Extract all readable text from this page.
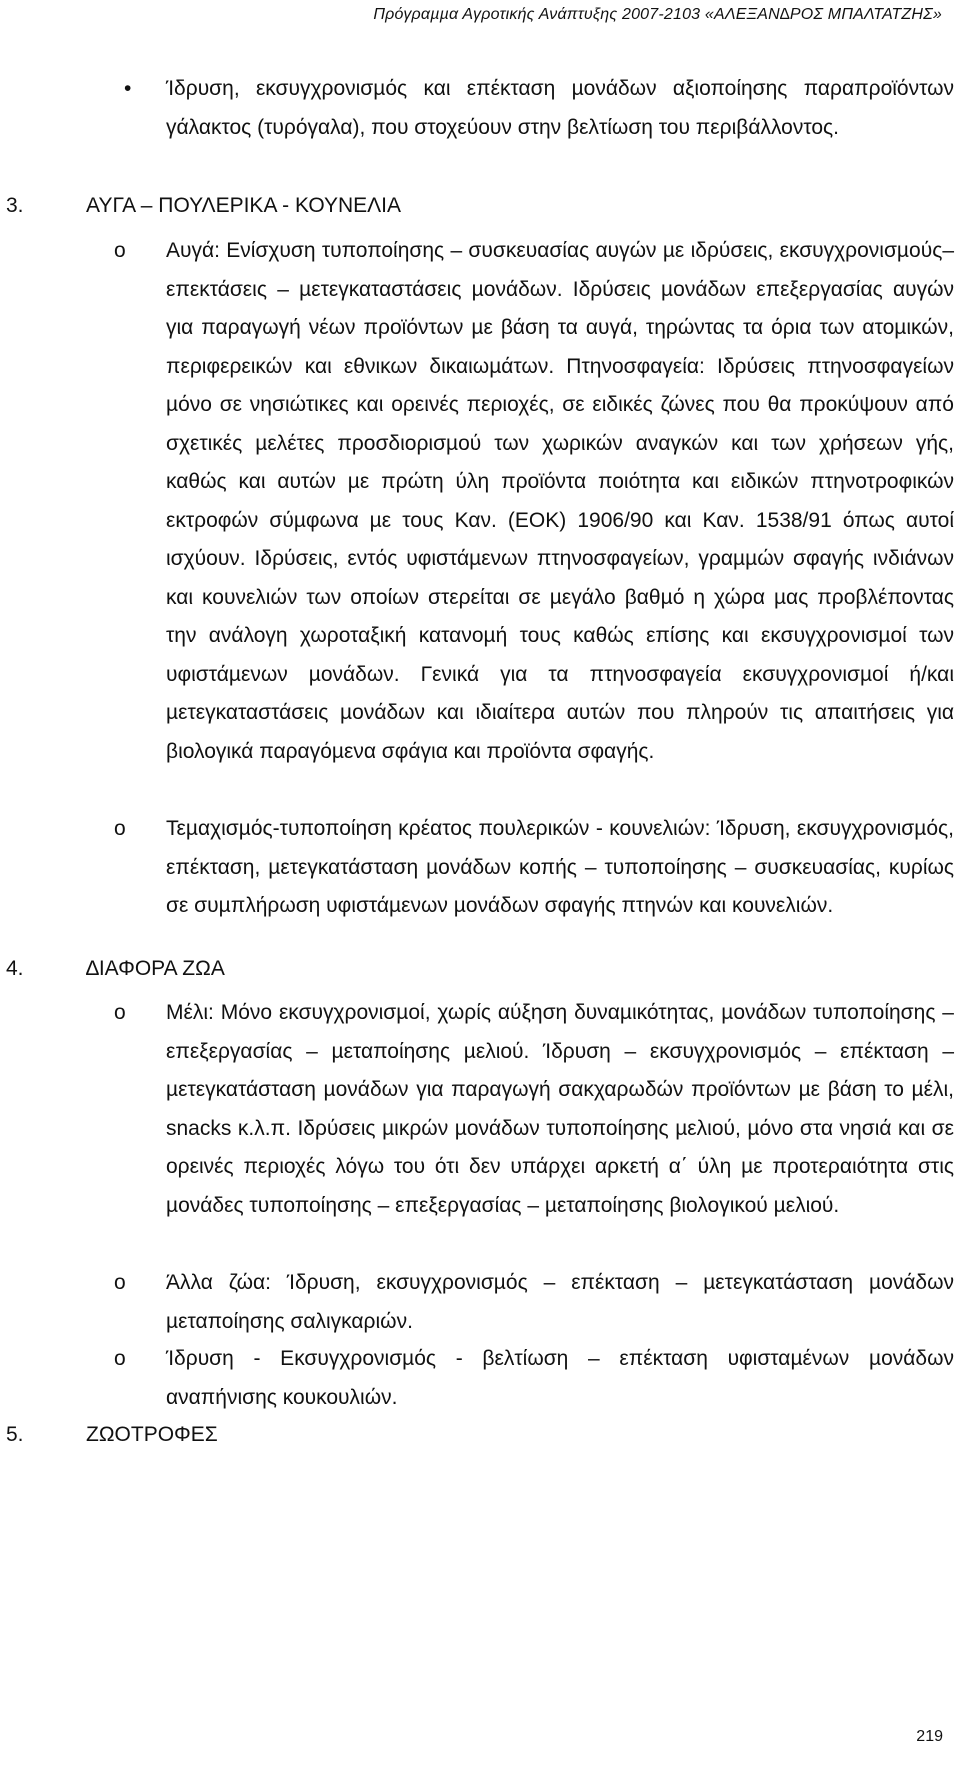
Πρόγραµµα Αγροτικής Ανάπτυξης 2007-2103 «ΑΛΕΞΑΝ∆ΡΟΣ ΜΠΑΛΤΑΤΖΗΣ»
• Ίδρυση, εκσυγχρονισµός και επέκταση µονάδων αξιοποίησης παραπροϊόντων γάλακτος (τυρόγαλα), που στοχεύουν στην βελτίωση του περιβάλλοντος.
3.	ΑΥΓΑ – ΠΟΥΛΕΡΙΚΑ - ΚΟΥΝΕΛΙΑ
o Αυγά: Ενίσχυση τυποποίησης – συσκευασίας αυγών µε ιδρύσεις, εκσυγχρονισµούς– επεκτάσεις – µετεγκαταστάσεις µονάδων. Ιδρύσεις µονάδων επεξεργασίας αυγών για παραγωγή νέων προϊόντων µε βάση τα αυγά, τηρώντας τα όρια των ατοµικών, περιφερεικών και εθνικων δικαιωµάτων. Πτηνοσφαγεία: Ιδρύσεις πτηνοσφαγείων µόνο σε νησιώτικες και ορεινές περιοχές, σε ειδικές ζώνες που θα προκύψουν από σχετικές µελέτες προσδιορισµού των χωρικών αναγκών και των χρήσεων γής, καθώς και αυτών µε πρώτη ύλη προϊόντα ποιότητα και ειδικών πτηνοτροφικών εκτροφών σύµφωνα µε τους Καν. (ΕΟΚ) 1906/90 και Καν. 1538/91 όπως αυτοί ισχύουν. Ιδρύσεις, εντός υφιστάµενων πτηνοσφαγείων, γραµµών σφαγής ινδιάνων και κουνελιών των οποίων στερείται σε µεγάλο βαθµό η χώρα µας προβλέποντας την ανάλογη χωροταξική κατανοµή τους καθώς επίσης και εκσυγχρονισµοί των υφιστάµενων µονάδων. Γενικά για τα πτηνοσφαγεία εκσυγχρονισµοί ή/και µετεγκαταστάσεις µονάδων και ιδιαίτερα αυτών που πληρούν τις απαιτήσεις για βιολογικά παραγόµενα σφάγια και προϊόντα σφαγής.
o Τεµαχισµός-τυποποίηση κρέατος πουλερικών - κουνελιών: Ίδρυση, εκσυγχρονισµός, επέκταση, µετεγκατάσταση µονάδων κοπής – τυποποίησης – συσκευασίας, κυρίως σε συµπλήρωση υφιστάµενων µονάδων σφαγής πτηνών και κουνελιών.
4.	∆ΙΑΦΟΡΑ ΖΩΑ
o Μέλι: Μόνο εκσυγχρονισµοί, χωρίς αύξηση δυναµικότητας, µονάδων τυποποίησης – επεξεργασίας – µεταποίησης µελιού. Ίδρυση – εκσυγχρονισµός – επέκταση – µετεγκατάσταση µονάδων για παραγωγή σακχαρωδών προϊόντων µε βάση το µέλι, snacks κ.λ.π. Ιδρύσεις µικρών µονάδων τυποποίησης µελιού, µόνο στα νησιά και σε ορεινές περιοχές λόγω του ότι δεν υπάρχει αρκετή α΄ ύλη µε προτεραιότητα στις µονάδες τυποποίησης – επεξεργασίας – µεταποίησης βιολογικού µελιού.
o Άλλα ζώα: Ίδρυση, εκσυγχρονισµός – επέκταση – µετεγκατάσταση µονάδων µεταποίησης σαλιγκαριών.
o Ίδρυση - Εκσυγχρονισµός - βελτίωση – επέκταση υφισταµένων µονάδων αναπήνισης κουκουλιών.
5.	ΖΩΟΤΡΟΦΕΣ
219
